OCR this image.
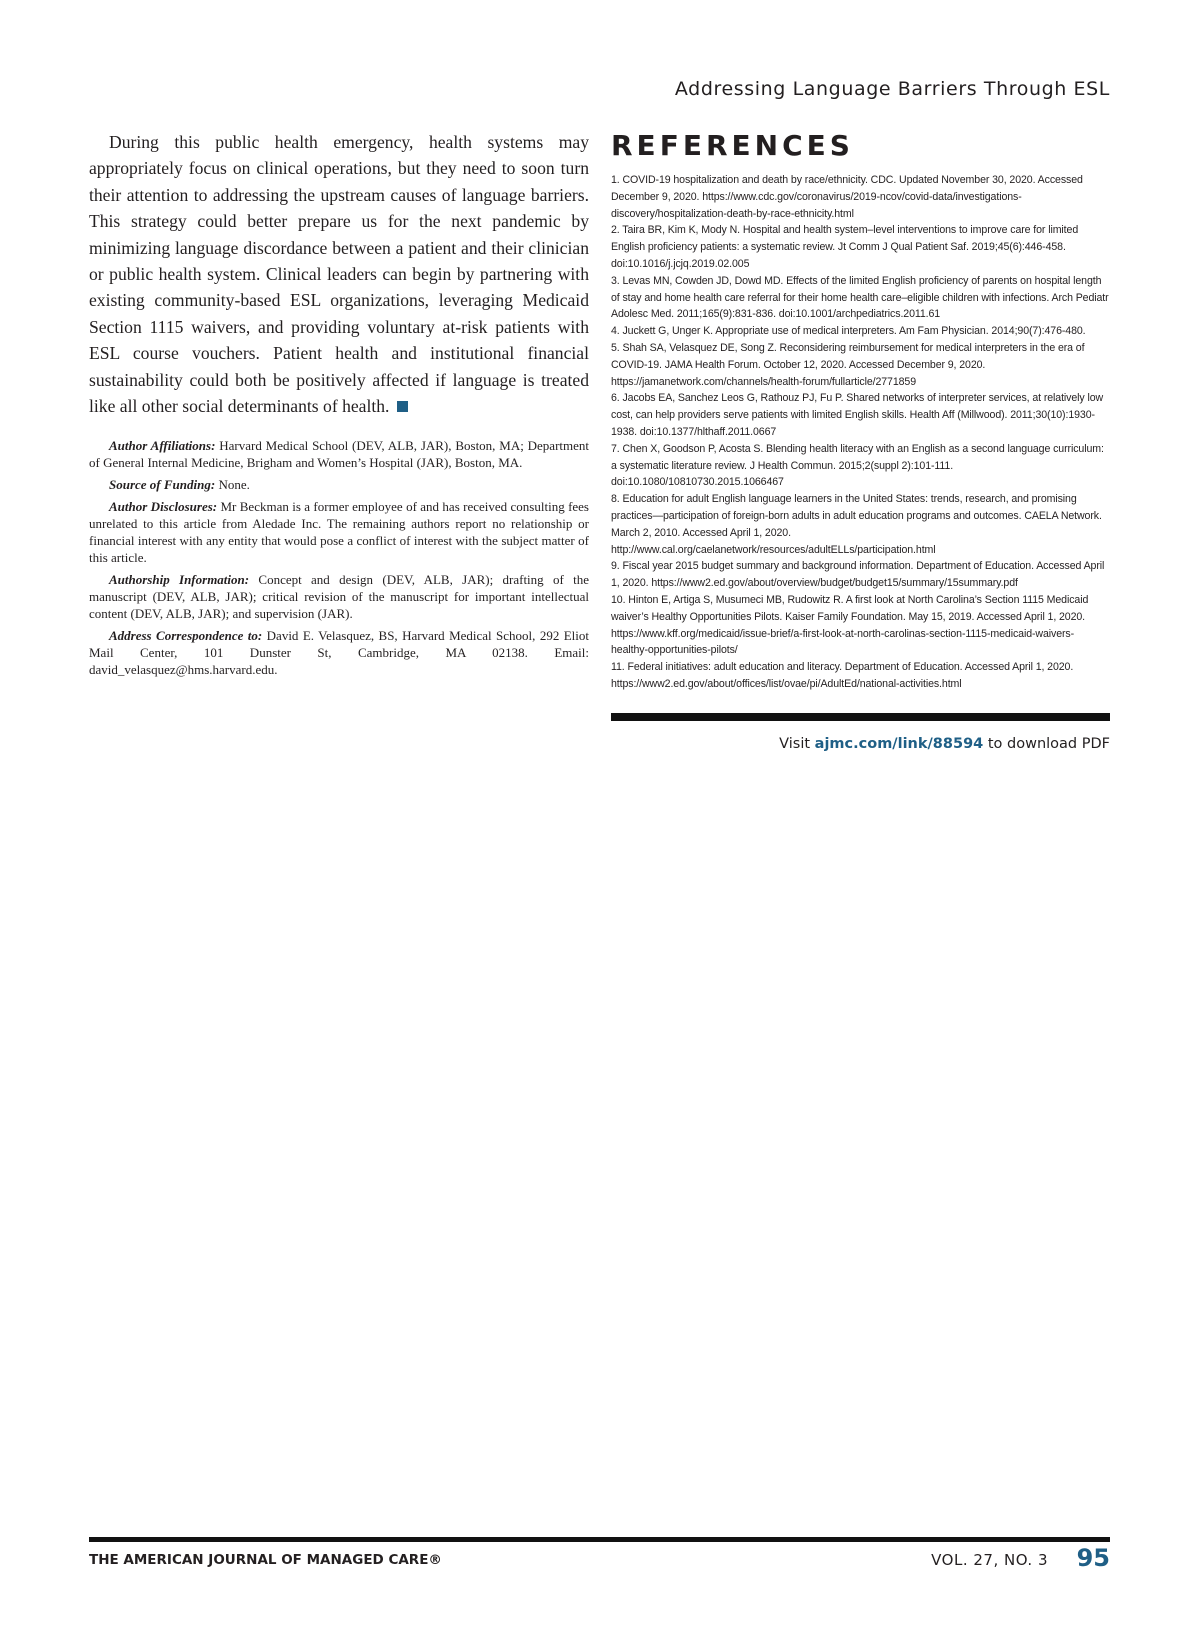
Addressing Language Barriers Through ESL

During this public health emergency, health systems may appropriately focus on clinical operations, but they need to soon turn their attention to addressing the upstream causes of language barriers. This strategy could better prepare us for the next pandemic by minimizing language discordance between a patient and their clinician or public health system. Clinical leaders can begin by partnering with existing community-based ESL organizations, leveraging Medicaid Section 1115 waivers, and providing voluntary at-risk patients with ESL course vouchers. Patient health and institutional financial sustainability could both be positively affected if language is treated like all other social determinants of health.

Author Affiliations: Harvard Medical School (DEV, ALB, JAR), Boston, MA; Department of General Internal Medicine, Brigham and Women’s Hospital (JAR), Boston, MA.

Source of Funding: None.

Author Disclosures: Mr Beckman is a former employee of and has received consulting fees unrelated to this article from Aledade Inc. The remaining authors report no relationship or financial interest with any entity that would pose a conflict of interest with the subject matter of this article.

Authorship Information: Concept and design (DEV, ALB, JAR); drafting of the manuscript (DEV, ALB, JAR); critical revision of the manuscript for important intellectual content (DEV, ALB, JAR); and supervision (JAR).

Address Correspondence to: David E. Velasquez, BS, Harvard Medical School, 292 Eliot Mail Center, 101 Dunster St, Cambridge, MA 02138. Email: david_velasquez@hms.harvard.edu.

REFERENCES

1. COVID-19 hospitalization and death by race/ethnicity. CDC. Updated November 30, 2020. Accessed December 9, 2020. https://www.cdc.gov/coronavirus/2019-ncov/covid-data/investigations-discovery/hospitalization-death-by-race-ethnicity.html

2. Taira BR, Kim K, Mody N. Hospital and health system–level interventions to improve care for limited English proficiency patients: a systematic review. Jt Comm J Qual Patient Saf. 2019;45(6):446-458. doi:10.1016/j.jcjq.2019.02.005

3. Levas MN, Cowden JD, Dowd MD. Effects of the limited English proficiency of parents on hospital length of stay and home health care referral for their home health care–eligible children with infections. Arch Pediatr Adolesc Med. 2011;165(9):831-836. doi:10.1001/archpediatrics.2011.61

4. Juckett G, Unger K. Appropriate use of medical interpreters. Am Fam Physician. 2014;90(7):476-480.

5. Shah SA, Velasquez DE, Song Z. Reconsidering reimbursement for medical interpreters in the era of COVID-19. JAMA Health Forum. October 12, 2020. Accessed December 9, 2020. https://jamanetwork.com/channels/health-forum/fullarticle/2771859

6. Jacobs EA, Sanchez Leos G, Rathouz PJ, Fu P. Shared networks of interpreter services, at relatively low cost, can help providers serve patients with limited English skills. Health Aff (Millwood). 2011;30(10):1930-1938. doi:10.1377/hlthaff.2011.0667

7. Chen X, Goodson P, Acosta S. Blending health literacy with an English as a second language curriculum: a systematic literature review. J Health Commun. 2015;2(suppl 2):101-111. doi:10.1080/10810730.2015.1066467

8. Education for adult English language learners in the United States: trends, research, and promising practices—participation of foreign-born adults in adult education programs and outcomes. CAELA Network. March 2, 2010. Accessed April 1, 2020. http://www.cal.org/caelanetwork/resources/adultELLs/participation.html

9. Fiscal year 2015 budget summary and background information. Department of Education. Accessed April 1, 2020. https://www2.ed.gov/about/overview/budget/budget15/summary/15summary.pdf

10. Hinton E, Artiga S, Musumeci MB, Rudowitz R. A first look at North Carolina’s Section 1115 Medicaid waiver’s Healthy Opportunities Pilots. Kaiser Family Foundation. May 15, 2019. Accessed April 1, 2020. https://www.kff.org/medicaid/issue-brief/a-first-look-at-north-carolinas-section-1115-medicaid-waivers-healthy-opportunities-pilots/

11. Federal initiatives: adult education and literacy. Department of Education. Accessed April 1, 2020. https://www2.ed.gov/about/offices/list/ovae/pi/AdultEd/national-activities.html

Visit ajmc.com/link/88594 to download PDF
THE AMERICAN JOURNAL OF MANAGED CARE®	VOL. 27, NO. 3 95
